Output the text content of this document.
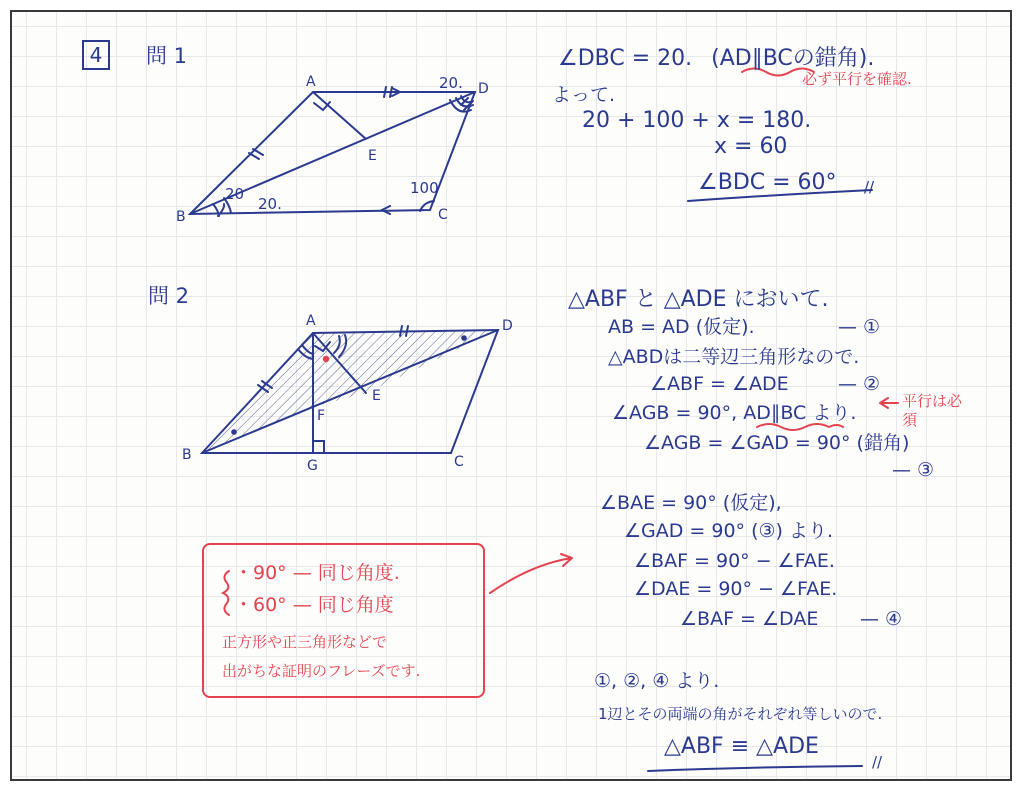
4	問 1
A	D
B	C
E
20.
20
20.
100
∠DBC = 20. (AD∥BCの錯角).
必ず平行を確認.
よって.
20 + 100 + x = 180.
x = 60
∠BDC = 60° //
問 2
A	D
B	C
E
F
G
△ABF と △ADE において.
AB = AD (仮定).	— ①
△ABDは二等辺三角形なので.
∠ABF = ∠ADE	— ②
∠AGB = 90°, AD∥BC より.
平行は必須
∠AGB = ∠GAD = 90° (錯角)
— ③
∠BAE = 90° (仮定),
∠GAD = 90° (③) より.
∠BAF = 90° − ∠FAE.
∠DAE = 90° − ∠FAE.
∠BAF = ∠DAE — ④
①, ②, ④ より.
1辺とその両端の角がそれぞれ等しいので.
△ABF ≡ △ADE
//
・90° — 同じ角度.
・60° — 同じ角度
正方形や正三角形などで
出がちな証明のフレーズです.
